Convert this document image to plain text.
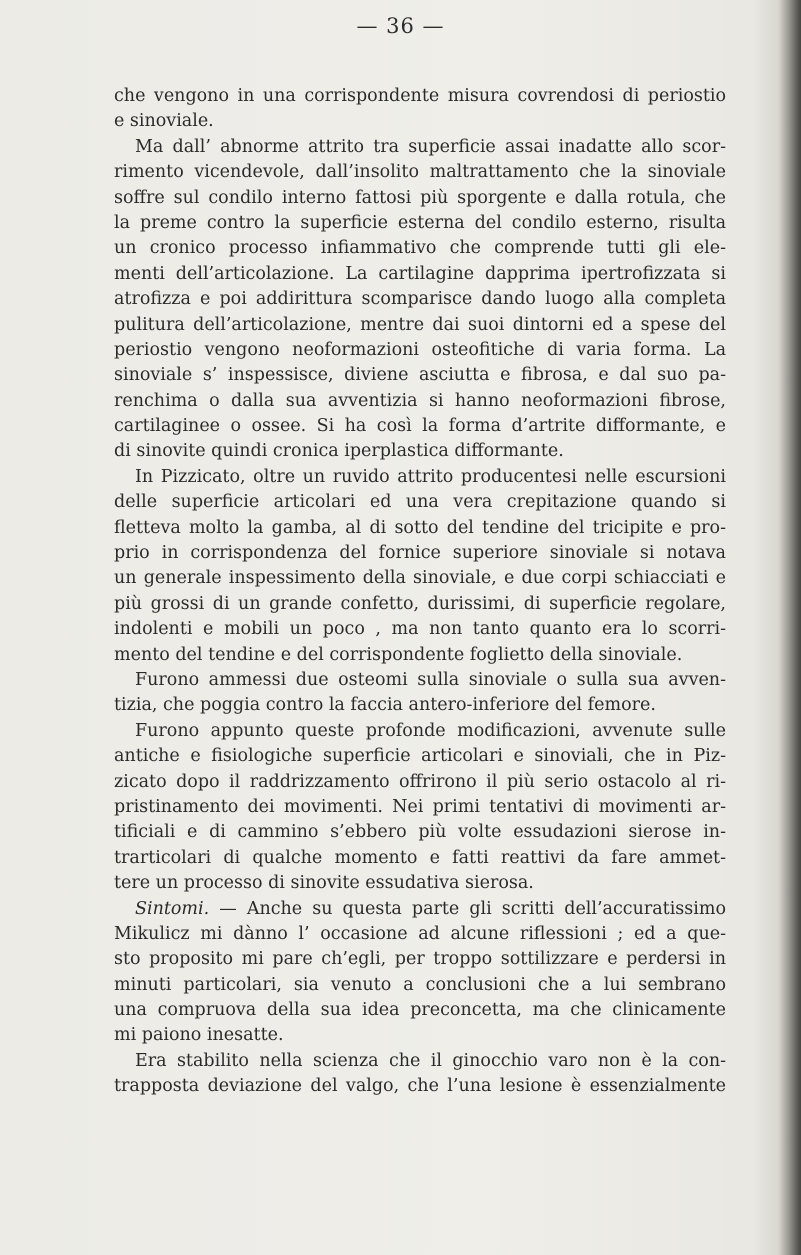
— 36 —
che vengono in una corrispondente misura covrendosi di periostio
e sinoviale.
Ma dall’ abnorme attrito tra superficie assai inadatte allo scor-
rimento vicendevole, dall’insolito maltrattamento che la sinoviale
soffre sul condilo interno fattosi più sporgente e dalla rotula, che
la preme contro la superficie esterna del condilo esterno, risulta
un cronico processo infiammativo che comprende tutti gli ele-
menti dell’articolazione. La cartilagine dapprima ipertrofizzata si
atrofizza e poi addirittura scomparisce dando luogo alla completa
pulitura dell’articolazione, mentre dai suoi dintorni ed a spese del
periostio vengono neoformazioni osteofitiche di varia forma. La
sinoviale s’ inspessisce, diviene asciutta e fibrosa, e dal suo pa-
renchima o dalla sua avventizia si hanno neoformazioni fibrose,
cartilaginee o ossee. Si ha così la forma d’artrite difformante, e
di sinovite quindi cronica iperplastica difformante.
In Pizzicato, oltre un ruvido attrito producentesi nelle escursioni
delle superficie articolari ed una vera crepitazione quando si
fletteva molto la gamba, al di sotto del tendine del tricipite e pro-
prio in corrispondenza del fornice superiore sinoviale si notava
un generale inspessimento della sinoviale, e due corpi schiacciati e
più grossi di un grande confetto, durissimi, di superficie regolare,
indolenti e mobili un poco , ma non tanto quanto era lo scorri-
mento del tendine e del corrispondente foglietto della sinoviale.
Furono ammessi due osteomi sulla sinoviale o sulla sua avven-
tizia, che poggia contro la faccia antero-inferiore del femore.
Furono appunto queste profonde modificazioni, avvenute sulle
antiche e fisiologiche superficie articolari e sinoviali, che in Piz-
zicato dopo il raddrizzamento offrirono il più serio ostacolo al ri-
pristinamento dei movimenti. Nei primi tentativi di movimenti ar-
tificiali e di cammino s’ebbero più volte essudazioni sierose in-
trarticolari di qualche momento e fatti reattivi da fare ammet-
tere un processo di sinovite essudativa sierosa.
Sintomi. — Anche su questa parte gli scritti dell’accuratissimo
Mikulicz mi dànno l’ occasione ad alcune riflessioni ; ed a que-
sto proposito mi pare ch’egli, per troppo sottilizzare e perdersi in
minuti particolari, sia venuto a conclusioni che a lui sembrano
una compruova della sua idea preconcetta, ma che clinicamente
mi paiono inesatte.
Era stabilito nella scienza che il ginocchio varo non è la con-
trapposta deviazione del valgo, che l’una lesione è essenzialmente
